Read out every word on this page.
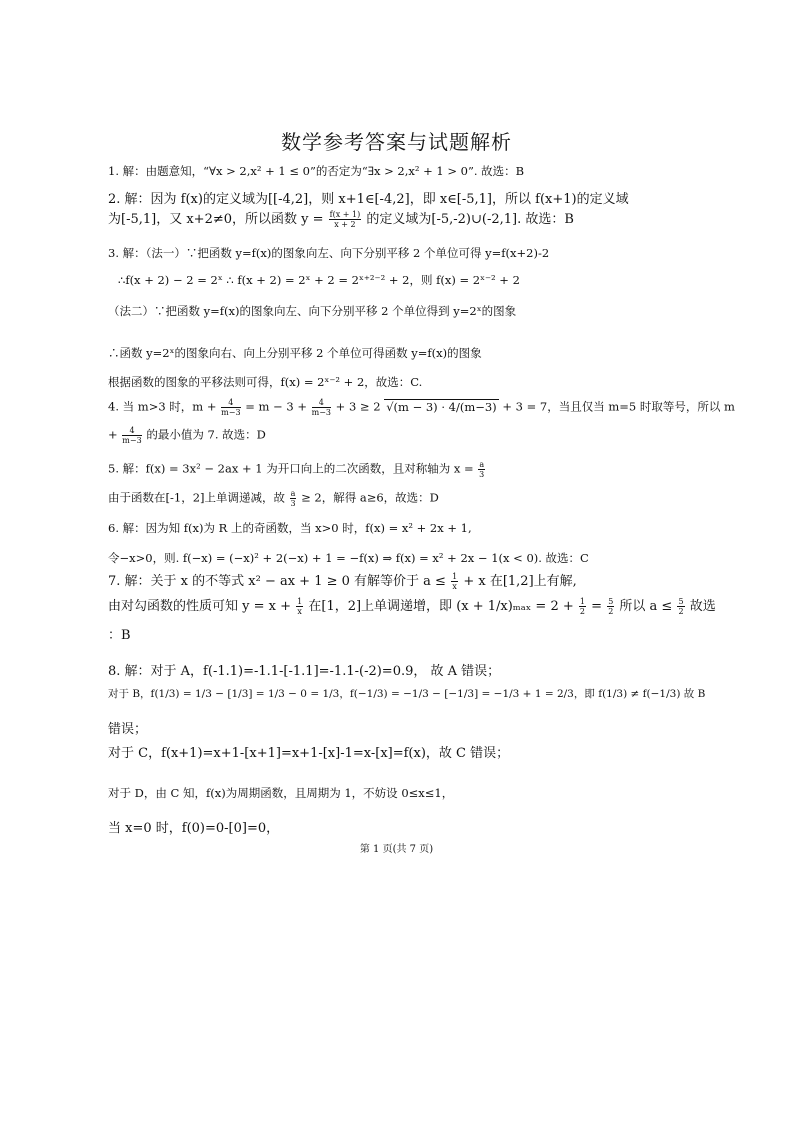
数学参考答案与试题解析
1. 解：由题意知，“∀x > 2,x² + 1 ≤ 0”的否定为“∃x > 2,x² + 1 > 0”. 故选：B
2. 解：因为 f(x)的定义域为[[-4,2]，则 x+1∈[-4,2]，即 x∈[-5,1]，所以 f(x+1)的定义域
为[-5,1]，又 x+2≠0，所以函数 $y = \frac{f(x + 1)}{x + 2}$ 的定义域为[-5,-2)∪(-2,1]. 故选：B
3. 解：（法一）∵把函数 y=f(x)的图象向左、向下分别平移 2 个单位可得 y=f(x+2)-2
∴f(x + 2) − 2 = 2ˣ ∴ f(x + 2) = 2ˣ + 2 = 2ˣ⁺²⁻² + 2，则 f(x) = 2ˣ⁻² + 2
（法二）∵把函数 y=f(x)的图象向左、向下分别平移 2 个单位得到 y=2ˣ的图象
∴函数 y=2ˣ的图象向右、向上分别平移 2 个单位可得函数 y=f(x)的图象
根据函数的图象的平移法则可得，f(x) = 2ˣ⁻² + 2，故选：C.
4. 当 m>3 时，$m + \frac{4}{m-3} = m - 3 + \frac{4}{m-3} + 3 \ge 2$ √(m − 3) · 4/(m−3) + 3 = 7，当且仅当 m=5 时取等号，所以 m
+ $\frac{4}{m-3}$ 的最小值为 7. 故选：D
5. 解：f(x) = 3x² − 2ax + 1 为开口向上的二次函数，且对称轴为 $x = \frac{a}{3}$
由于函数在[-1，2]上单调递减，故 $\frac{a}{3} \ge 2$，解得 a≥6，故选：D
6. 解：因为知 f(x)为 R 上的奇函数，当 x>0 时，f(x) = x² + 2x + 1,
令−x>0，则. f(−x) = (−x)² + 2(−x) + 1 = −f(x) ⇒ f(x) = x² + 2x − 1(x < 0). 故选：C
7. 解：关于 x 的不等式 x² − ax + 1 ≥ 0 有解等价于 $a \le \frac{1}{x} + x$ 在[1,2]上有解,
由对勾函数的性质可知 $y = x + \frac{1}{x}$ 在[1，2]上单调递增，即 $(x + 1/x)_{max} = 2 + \frac{1}{2} = \frac{5}{2}$ 所以 $a \le \frac{5}{2}$ 故选
：B
8. 解：对于 A，f(-1.1)=-1.1-[-1.1]=-1.1-(-2)=0.9， 故 A 错误；
对于 B，f(1/3) = 1/3 − [1/3] = 1/3 − 0 = 1/3，f(−1/3) = −1/3 − [−1/3] = −1/3 + 1 = 2/3，即 f(1/3) ≠ f(−1/3) 故 B
错误；
对于 C，f(x+1)=x+1-[x+1]=x+1-[x]-1=x-[x]=f(x)，故 C 错误；
对于 D，由 C 知，f(x)为周期函数，且周期为 1，不妨设 0≤x≤1，
当 x=0 时，f(0)=0-[0]=0，
第 1 页(共 7 页)
